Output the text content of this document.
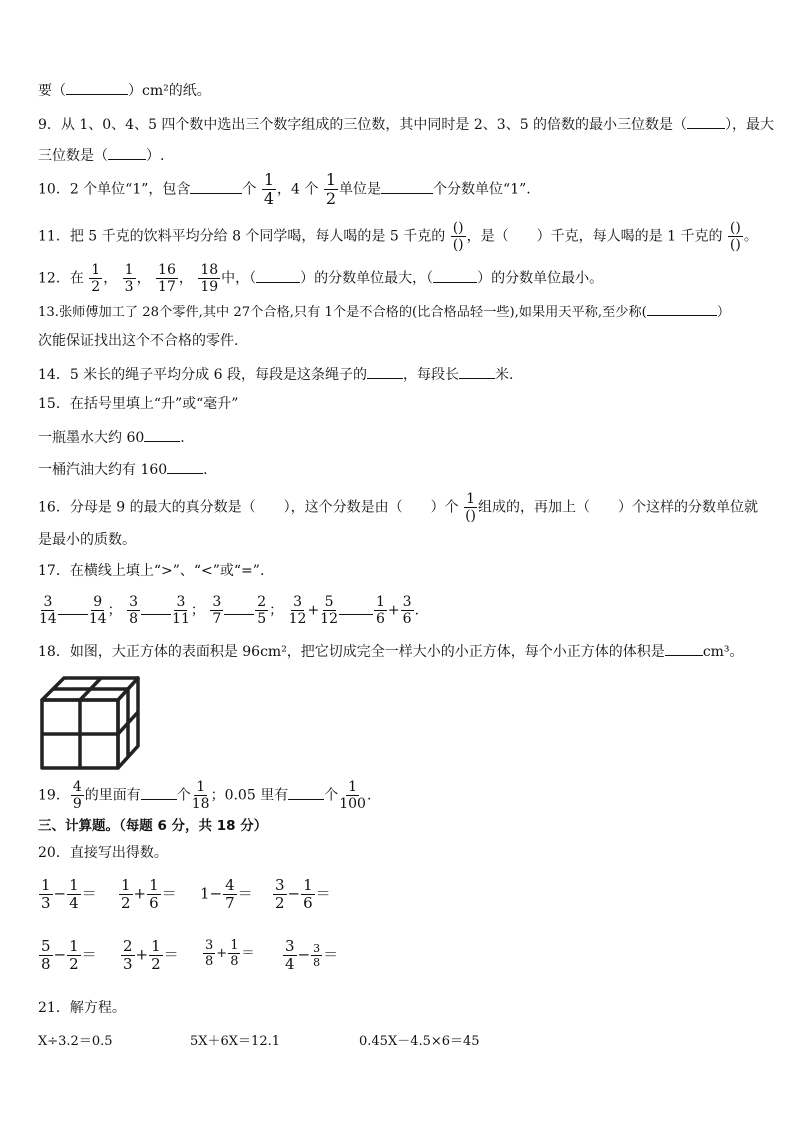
要（	）cm²的纸。
9．从 1、0、4、5 四个数中选出三个数字组成的三位数，其中同时是 2、3、5 的倍数的最小三位数是（	），最大
三位数是（	）.
10．2 个单位“1”，包含	个 $\frac{1}{4}$ ，4 个 $\frac{1}{2}$ 单位是	个分数单位“1”.
11．把 5 千克的饮料平均分给 8 个同学喝，每人喝的是 5 千克的 $\frac{()}{()}$ ，是（　　）千克，每人喝的是 1 千克的 $\frac{()}{()}$ 。
12．在 $\frac{1}{2}$ ， $\frac{1}{3}$ ， $\frac{16}{17}$ ， $\frac{18}{19}$ 中，（	）的分数单位最大，（	）的分数单位最小。
13.张师傅加工了 28个零件,其中 27个合格,只有 1个是不合格的(比合格品轻一些),如果用天平称,至少称(	）
次能保证找出这个不合格的零件.
14．5 米长的绳子平均分成 6 段，每段是这条绳子的	，每段长	米.
15．在括号里填上“升”或“毫升”
一瓶墨水大约 60	.
一桶汽油大约有 160	.
16．分母是 9 的最大的真分数是（　　），这个分数是由（　　）个 $\frac{1}{()}$ 组成的，再加上（　　）个这样的分数单位就
是最小的质数。
17．在横线上填上“>”、“<”或“=”.
$\frac{3}{14} \frac{9}{14}$ ； $\frac{3}{8} \frac{3}{11}$ ； $\frac{3}{7} \frac{2}{5}$ ； $\frac{3}{12} + \frac{5}{12}$	$\frac{1}{6} + \frac{3}{6}$ .
18．如图，大正方体的表面积是 96cm²，把它切成完全一样大小的小正方体，每个小正方体的体积是	cm³。
19． $\frac{4}{9}$ 的里面有	个 $\frac{1}{18}$ ；0.05 里有	个 $\frac{1}{100}$ .
三、计算题。（每题 6 分，共 18 分）
20．直接写出得数。
$\frac{1}{3} - \frac{1}{4} = \frac{1}{2} + \frac{1}{6} = 1- \frac{4}{7} = \frac{3}{2} - \frac{1}{6}$ ＝
$\frac{5}{8} - \frac{1}{2} = \frac{2}{3} + \frac{1}{2} = \frac{3}{8} + \frac{1}{8} = \frac{3}{4} - \frac{3}{8}$ ＝
21．解方程。
X÷3.2＝0.5	5X＋6X＝12.1	0.45X－4.5×6＝45
